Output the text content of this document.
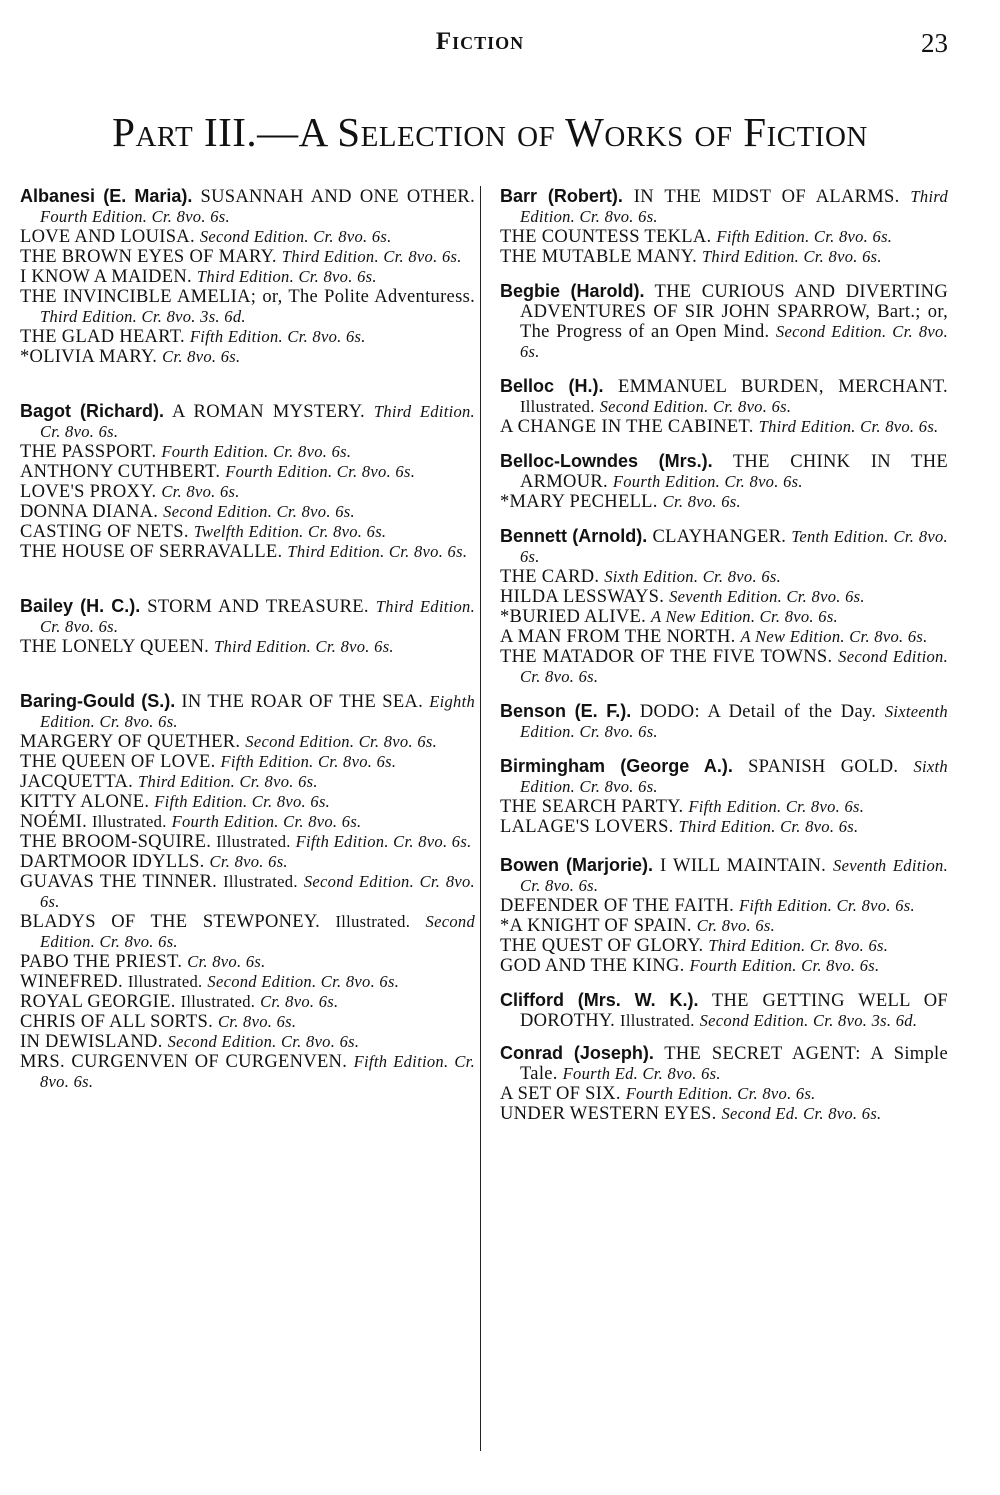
Fiction	23
Part III.—A Selection of Works of Fiction

Albanesi (E. Maria). SUSANNAH AND ONE OTHER. Fourth Edition. Cr. 8vo. 6s.

LOVE AND LOUISA. Second Edition. Cr. 8vo. 6s.

THE BROWN EYES OF MARY. Third Edition. Cr. 8vo. 6s.

I KNOW A MAIDEN. Third Edition. Cr. 8vo. 6s.

THE INVINCIBLE AMELIA; or, The Polite Adventuress. Third Edition. Cr. 8vo. 3s. 6d.

THE GLAD HEART. Fifth Edition. Cr. 8vo. 6s.

*OLIVIA MARY. Cr. 8vo. 6s.

Bagot (Richard). A ROMAN MYSTERY. Third Edition. Cr. 8vo. 6s.

THE PASSPORT. Fourth Edition. Cr. 8vo. 6s.

ANTHONY CUTHBERT. Fourth Edition. Cr. 8vo. 6s.

LOVE'S PROXY. Cr. 8vo. 6s.

DONNA DIANA. Second Edition. Cr. 8vo. 6s.

CASTING OF NETS. Twelfth Edition. Cr. 8vo. 6s.

THE HOUSE OF SERRAVALLE. Third Edition. Cr. 8vo. 6s.

Bailey (H. C.). STORM AND TREASURE. Third Edition. Cr. 8vo. 6s.

THE LONELY QUEEN. Third Edition. Cr. 8vo. 6s.

Baring-Gould (S.). IN THE ROAR OF THE SEA. Eighth Edition. Cr. 8vo. 6s.

MARGERY OF QUETHER. Second Edition. Cr. 8vo. 6s.

THE QUEEN OF LOVE. Fifth Edition. Cr. 8vo. 6s.

JACQUETTA. Third Edition. Cr. 8vo. 6s.

KITTY ALONE. Fifth Edition. Cr. 8vo. 6s.

NOÉMI. Illustrated. Fourth Edition. Cr. 8vo. 6s.

THE BROOM-SQUIRE. Illustrated. Fifth Edition. Cr. 8vo. 6s.

DARTMOOR IDYLLS. Cr. 8vo. 6s.

GUAVAS THE TINNER. Illustrated. Second Edition. Cr. 8vo. 6s.

BLADYS OF THE STEWPONEY. Illustrated. Second Edition. Cr. 8vo. 6s.

PABO THE PRIEST. Cr. 8vo. 6s.

WINEFRED. Illustrated. Second Edition. Cr. 8vo. 6s.

ROYAL GEORGIE. Illustrated. Cr. 8vo. 6s.

CHRIS OF ALL SORTS. Cr. 8vo. 6s.

IN DEWISLAND. Second Edition. Cr. 8vo. 6s.

MRS. CURGENVEN OF CURGENVEN. Fifth Edition. Cr. 8vo. 6s.

Barr (Robert). IN THE MIDST OF ALARMS. Third Edition. Cr. 8vo. 6s.

THE COUNTESS TEKLA. Fifth Edition. Cr. 8vo. 6s.

THE MUTABLE MANY. Third Edition. Cr. 8vo. 6s.

Begbie (Harold). THE CURIOUS AND DIVERTING ADVENTURES OF SIR JOHN SPARROW, Bart.; or, The Progress of an Open Mind. Second Edition. Cr. 8vo. 6s.

Belloc (H.). EMMANUEL BURDEN, MERCHANT. Illustrated. Second Edition. Cr. 8vo. 6s.

A CHANGE IN THE CABINET. Third Edition. Cr. 8vo. 6s.

Belloc-Lowndes (Mrs.). THE CHINK IN THE ARMOUR. Fourth Edition. Cr. 8vo. 6s.

*MARY PECHELL. Cr. 8vo. 6s.

Bennett (Arnold). CLAYHANGER. Tenth Edition. Cr. 8vo. 6s.

THE CARD. Sixth Edition. Cr. 8vo. 6s.

HILDA LESSWAYS. Seventh Edition. Cr. 8vo. 6s.

*BURIED ALIVE. A New Edition. Cr. 8vo. 6s.

A MAN FROM THE NORTH. A New Edition. Cr. 8vo. 6s.

THE MATADOR OF THE FIVE TOWNS. Second Edition. Cr. 8vo. 6s.

Benson (E. F.). DODO: A Detail of the Day. Sixteenth Edition. Cr. 8vo. 6s.

Birmingham (George A.). SPANISH GOLD. Sixth Edition. Cr. 8vo. 6s.

THE SEARCH PARTY. Fifth Edition. Cr. 8vo. 6s.

LALAGE'S LOVERS. Third Edition. Cr. 8vo. 6s.

Bowen (Marjorie). I WILL MAINTAIN. Seventh Edition. Cr. 8vo. 6s.

DEFENDER OF THE FAITH. Fifth Edition. Cr. 8vo. 6s.

*A KNIGHT OF SPAIN. Cr. 8vo. 6s.

THE QUEST OF GLORY. Third Edition. Cr. 8vo. 6s.

GOD AND THE KING. Fourth Edition. Cr. 8vo. 6s.

Clifford (Mrs. W. K.). THE GETTING WELL OF DOROTHY. Illustrated. Second Edition. Cr. 8vo. 3s. 6d.

Conrad (Joseph). THE SECRET AGENT: A Simple Tale. Fourth Ed. Cr. 8vo. 6s.

A SET OF SIX. Fourth Edition. Cr. 8vo. 6s.

UNDER WESTERN EYES. Second Ed. Cr. 8vo. 6s.
